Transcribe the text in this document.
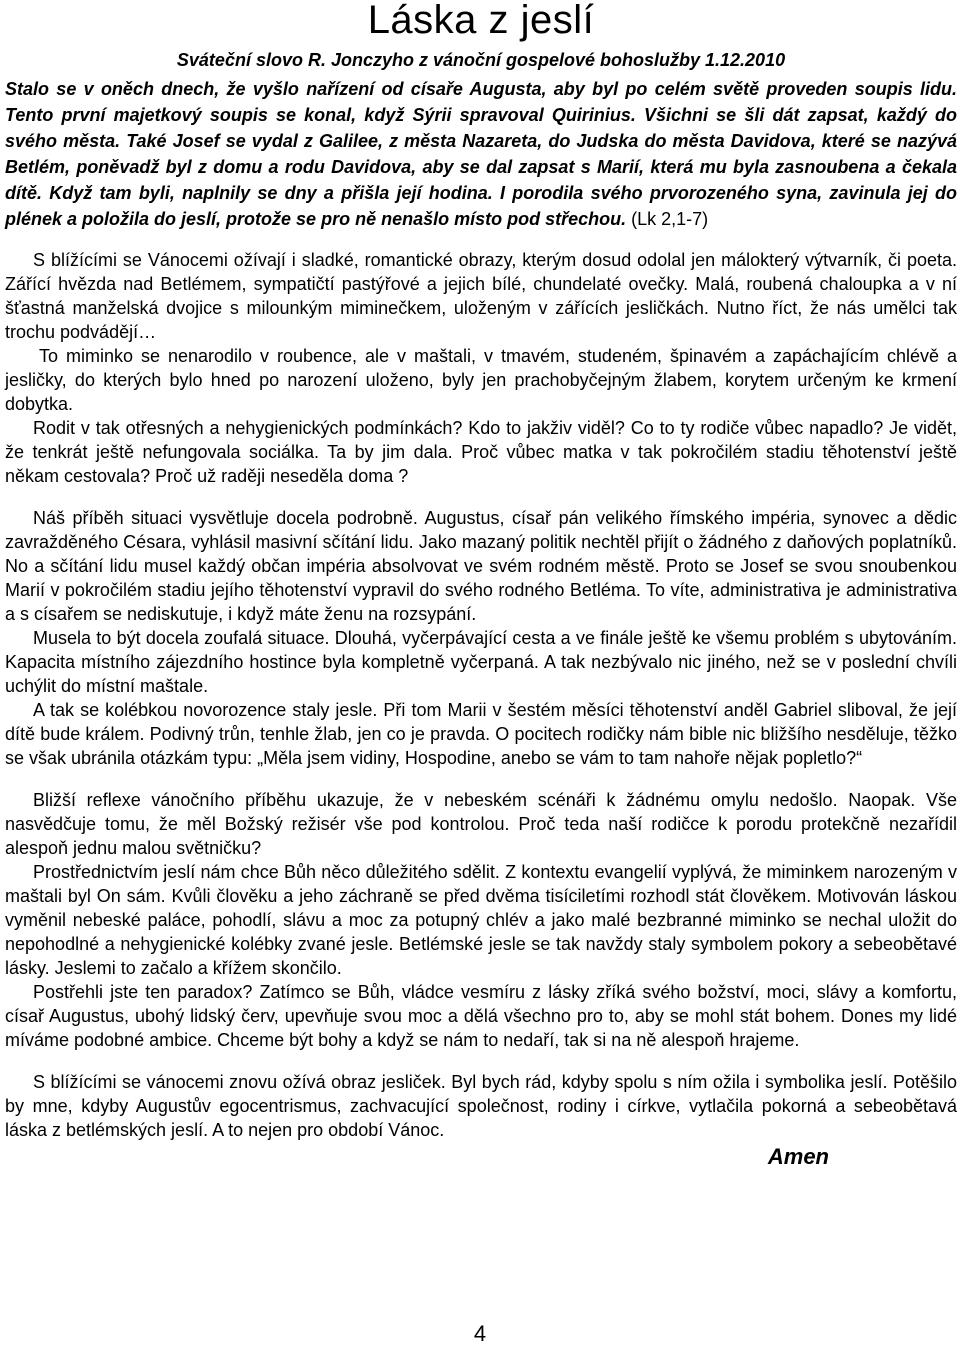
Láska z jeslí
Sváteční slovo R. Jonczyho z vánoční gospelové bohoslužby 1.12.2010

Stalo se v oněch dnech, že vyšlo nařízení od císaře Augusta, aby byl po celém světě proveden soupis lidu. Tento první majetkový soupis se konal, když Sýrii spravoval Quirinius. Všichni se šli dát zapsat, každý do svého města. Také Josef se vydal z Galilee, z města Nazareta, do Judska do města Davidova, které se nazývá Betlém, poněvadž byl z domu a rodu Davidova, aby se dal zapsat s Marií, která mu byla zasnoubena a čekala dítě. Když tam byli, naplnily se dny a přišla její hodina. I porodila svého prvorozeného syna, zavinula jej do plének a položila do jeslí, protože se pro ně nenašlo místo pod střechou. (Lk 2,1-7)

S blížícími se Vánocemi ožívají i sladké, romantické obrazy, kterým dosud odolal jen málokterý výtvarník, či poeta. Zářící hvězda nad Betlémem, sympatičtí pastýřové a jejich bílé, chundelaté ovečky. Malá, roubená chaloupka a v ní šťastná manželská dvojice s milounkým miminečkem, uloženým v zářících jesličkách. Nutno říct, že nás umělci tak trochu podvádějí…

To miminko se nenarodilo v roubence, ale v maštali, v tmavém, studeném, špinavém a zapáchajícím chlévě a jesličky, do kterých bylo hned po narození uloženo, byly jen prachobyčejným žlabem, korytem určeným ke krmení dobytka.

Rodit v tak otřesných a nehygienických podmínkách? Kdo to jakživ viděl? Co to ty rodiče vůbec napadlo? Je vidět, že tenkrát ještě nefungovala sociálka. Ta by jim dala. Proč vůbec matka v tak pokročilém stadiu těhotenství ještě někam cestovala? Proč už raději neseděla doma ?

Náš příběh situaci vysvětluje docela podrobně. Augustus, císař pán velikého římského impéria, synovec a dědic zavražděného Césara, vyhlásil masivní sčítání lidu. Jako mazaný politik nechtěl přijít o žádného z daňových poplatníků. No a sčítání lidu musel každý občan impéria absolvovat ve svém rodném městě. Proto se Josef se svou snoubenkou Marií v pokročilém stadiu jejího těhotenství vypravil do svého rodného Betléma. To víte, administrativa je administrativa a s císařem se nediskutuje, i když máte ženu na rozsypání.

Musela to být docela zoufalá situace. Dlouhá, vyčerpávající cesta a ve finále ještě ke všemu problém s ubytováním. Kapacita místního zájezdního hostince byla kompletně vyčerpaná. A tak nezbývalo nic jiného, než se v poslední chvíli uchýlit do místní maštale.

A tak se kolébkou novorozence staly jesle. Při tom Marii v šestém měsíci těhotenství anděl Gabriel sliboval, že její dítě bude králem. Podivný trůn, tenhle žlab, jen co je pravda. O pocitech rodičky nám bible nic bližšího nesděluje, těžko se však ubránila otázkám typu: „Měla jsem vidiny, Hospodine, anebo se vám to tam nahoře nějak popletlo?“

Bližší reflexe vánočního příběhu ukazuje, že v nebeském scénáři k žádnému omylu nedošlo. Naopak. Vše nasvědčuje tomu, že měl Božský režisér vše pod kontrolou. Proč teda naší rodičce k porodu protekčně nezařídil alespoň jednu malou světničku?

Prostřednictvím jeslí nám chce Bůh něco důležitého sdělit. Z kontextu evangelií vyplývá, že miminkem narozeným v maštali byl On sám. Kvůli člověku a jeho záchraně se před dvěma tisíciletími rozhodl stát člověkem. Motivován láskou vyměnil nebeské paláce, pohodlí, slávu a moc za potupný chlév a jako malé bezbranné miminko se nechal uložit do nepohodlné a nehygienické kolébky zvané jesle. Betlémské jesle se tak navždy staly symbolem pokory a sebeobětavé lásky. Jeslemi to začalo a křížem skončilo.

Postřehli jste ten paradox? Zatímco se Bůh, vládce vesmíru z lásky zříká svého božství, moci, slávy a komfortu, císař Augustus, ubohý lidský červ, upevňuje svou moc a dělá všechno pro to, aby se mohl stát bohem. Dones my lidé míváme podobné ambice. Chceme být bohy a když se nám to nedaří, tak si na ně alespoň hrajeme.

S blížícími se vánocemi znovu ožívá obraz jesliček. Byl bych rád, kdyby spolu s ním ožila i symbolika jeslí. Potěšilo by mne, kdyby Augustův egocentrismus, zachvacující společnost, rodiny i církve, vytlačila pokorná a sebeobětavá láska z betlémských jeslí. A to nejen pro období Vánoc.

Amen
4
